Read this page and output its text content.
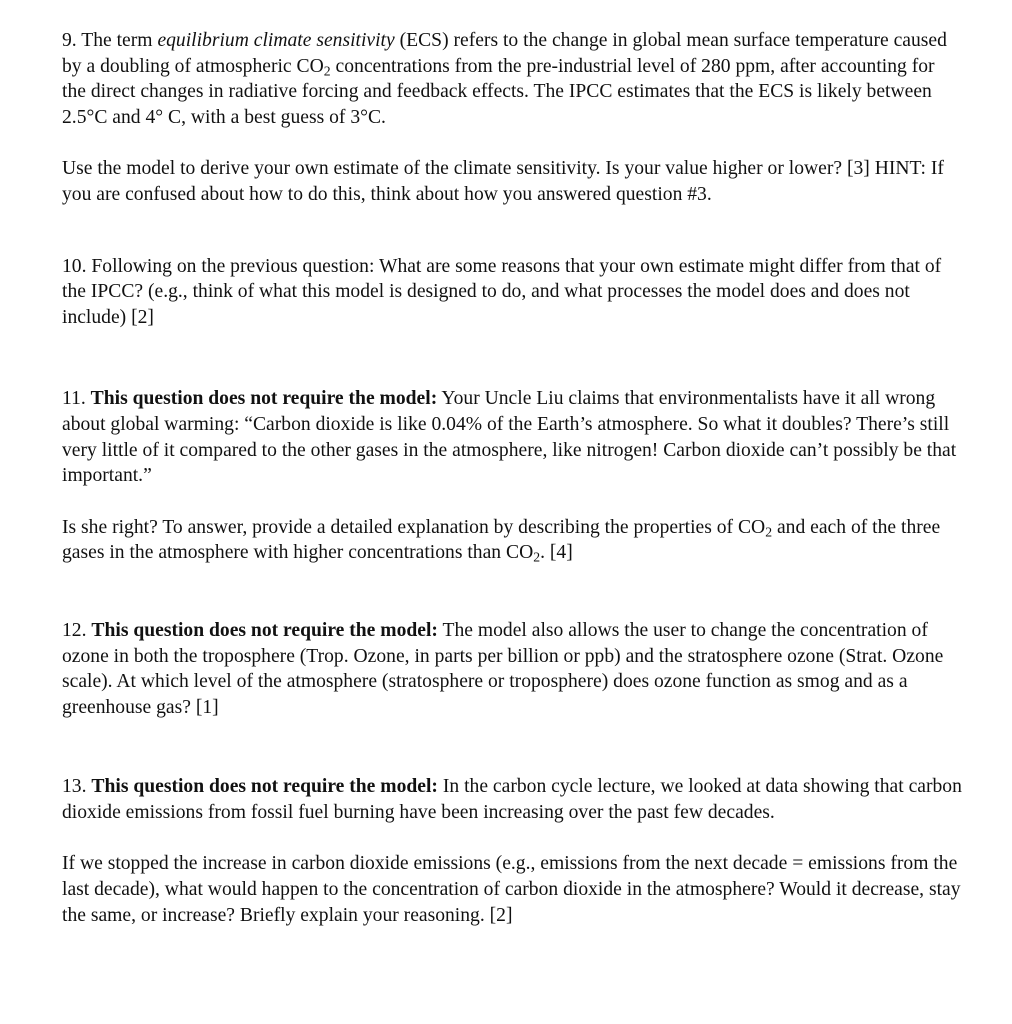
9. The term equilibrium climate sensitivity (ECS) refers to the change in global mean surface temperature caused by a doubling of atmospheric $CO_2$ concentrations from the pre-industrial level of 280 ppm, after accounting for the direct changes in radiative forcing and feedback effects. The IPCC estimates that the ECS is likely between 2.5°C and 4° C, with a best guess of 3°C.

Use the model to derive your own estimate of the climate sensitivity. Is your value higher or lower? [3] HINT: If you are confused about how to do this, think about how you answered question #3.

10. Following on the previous question: What are some reasons that your own estimate might differ from that of the IPCC? (e.g., think of what this model is designed to do, and what processes the model does and does not include) [2]

11. This question does not require the model: Your Uncle Liu claims that environmentalists have it all wrong about global warming: “Carbon dioxide is like 0.04% of the Earth’s atmosphere. So what it doubles? There’s still very little of it compared to the other gases in the atmosphere, like nitrogen! Carbon dioxide can’t possibly be that important.”

Is she right? To answer, provide a detailed explanation by describing the properties of $CO_2$ and each of the three gases in the atmosphere with higher concentrations than $CO_2$. [4]

12. This question does not require the model: The model also allows the user to change the concentration of ozone in both the troposphere (Trop. Ozone, in parts per billion or ppb) and the stratosphere ozone (Strat. Ozone scale). At which level of the atmosphere (stratosphere or troposphere) does ozone function as smog and as a greenhouse gas? [1]

13. This question does not require the model: In the carbon cycle lecture, we looked at data showing that carbon dioxide emissions from fossil fuel burning have been increasing over the past few decades.

If we stopped the increase in carbon dioxide emissions (e.g., emissions from the next decade = emissions from the last decade), what would happen to the concentration of carbon dioxide in the atmosphere? Would it decrease, stay the same, or increase? Briefly explain your reasoning. [2]
